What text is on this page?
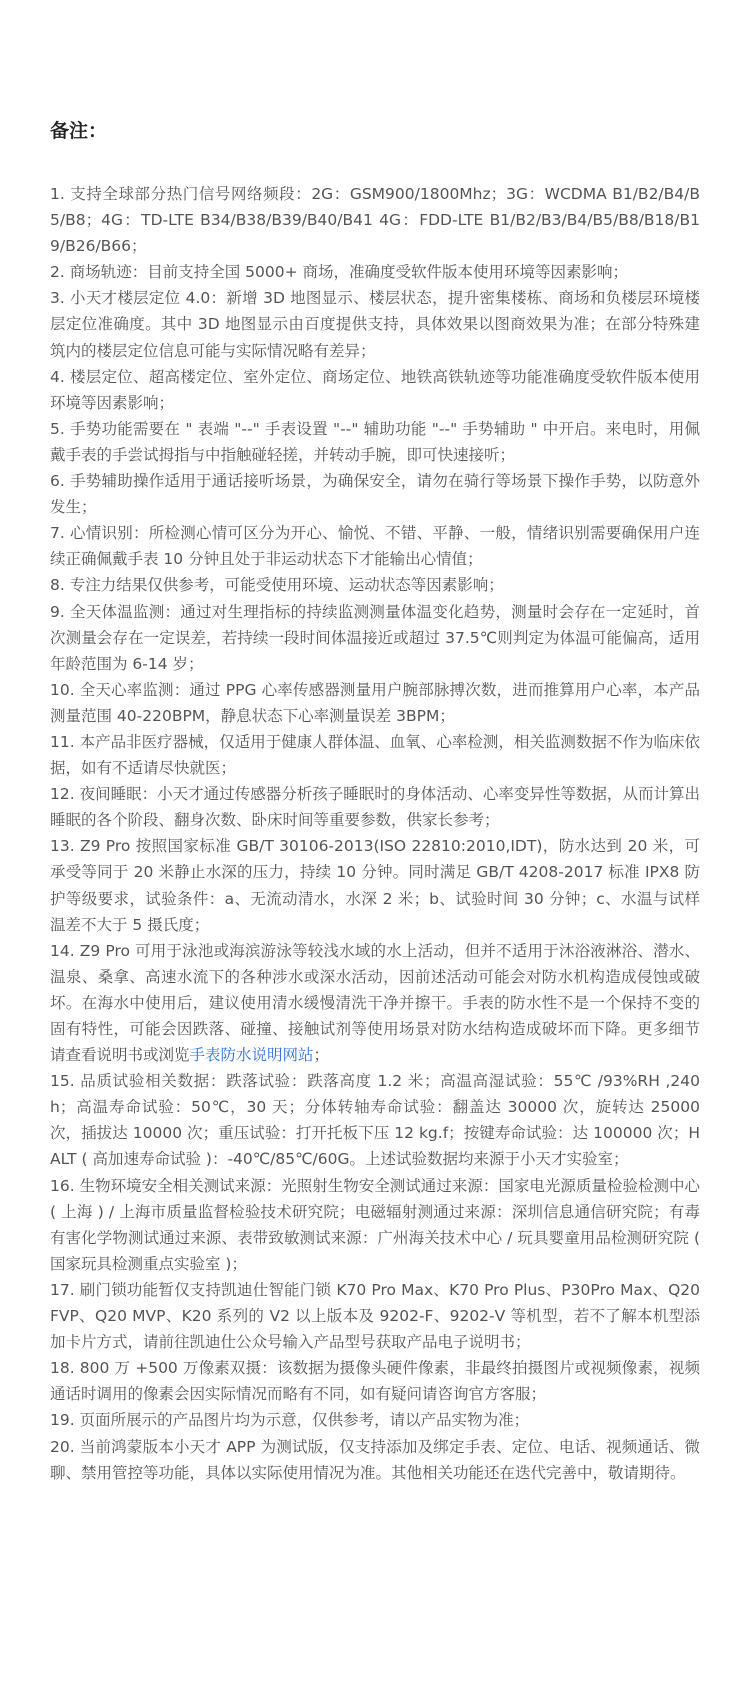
备注：
1. 支持全球部分热门信号网络频段：2G：GSM900/1800Mhz；3G：WCDMA B1/B2/B4/B5/B8；4G：TD-LTE B34/B38/B39/B40/B41 4G：FDD-LTE B1/B2/B3/B4/B5/B8/B18/B19/B26/B66；
2. 商场轨迹：目前支持全国 5000+ 商场，准确度受软件版本使用环境等因素影响；
3. 小天才楼层定位 4.0：新增 3D 地图显示、楼层状态，提升密集楼栋、商场和负楼层环境楼层定位准确度。其中 3D 地图显示由百度提供支持，具体效果以图商效果为准；在部分特殊建筑内的楼层定位信息可能与实际情况略有差异；
4. 楼层定位、超高楼定位、室外定位、商场定位、地铁高铁轨迹等功能准确度受软件版本使用环境等因素影响；
5. 手势功能需要在 " 表端 "--" 手表设置 "--" 辅助功能 "--" 手势辅助 " 中开启。来电时，用佩戴手表的手尝试拇指与中指触碰轻搓，并转动手腕，即可快速接听；
6. 手势辅助操作适用于通话接听场景，为确保安全，请勿在骑行等场景下操作手势，以防意外发生；
7. 心情识别：所检测心情可区分为开心、愉悦、不错、平静、一般，情绪识别需要确保用户连续正确佩戴手表 10 分钟且处于非运动状态下才能输出心情值；
8. 专注力结果仅供参考，可能受使用环境、运动状态等因素影响；
9. 全天体温监测：通过对生理指标的持续监测测量体温变化趋势，测量时会存在一定延时，首次测量会存在一定误差，若持续一段时间体温接近或超过 37.5℃则判定为体温可能偏高，适用年龄范围为 6-14 岁；
10. 全天心率监测：通过 PPG 心率传感器测量用户腕部脉搏次数，进而推算用户心率，本产品测量范围 40-220BPM，静息状态下心率测量误差 3BPM；
11. 本产品非医疗器械，仅适用于健康人群体温、血氧、心率检测，相关监测数据不作为临床依据，如有不适请尽快就医；
12. 夜间睡眠：小天才通过传感器分析孩子睡眠时的身体活动、心率变异性等数据，从而计算出睡眠的各个阶段、翻身次数、卧床时间等重要参数，供家长参考；
13. Z9 Pro 按照国家标准 GB/T 30106-2013(ISO 22810:2010,IDT)，防水达到 20 米，可承受等同于 20 米静止水深的压力，持续 10 分钟。同时满足 GB/T 4208-2017 标准 IPX8 防护等级要求，试验条件：a、无流动清水，水深 2 米；b、试验时间 30 分钟；c、水温与试样温差不大于 5 摄氏度；
14. Z9 Pro 可用于泳池或海滨游泳等较浅水域的水上活动，但并不适用于沐浴液淋浴、潜水、温泉、桑拿、高速水流下的各种涉水或深水活动，因前述活动可能会对防水机构造成侵蚀或破坏。在海水中使用后，建议使用清水缓慢清洗干净并擦干。手表的防水性不是一个保持不变的固有特性，可能会因跌落、碰撞、接触试剂等使用场景对防水结构造成破坏而下降。更多细节请查看说明书或浏览手表防水说明网站；
15. 品质试验相关数据：跌落试验：跌落高度 1.2 米；高温高湿试验：55℃ /93%RH ,240h；高温寿命试验：50℃，30 天；分体转轴寿命试验：翻盖达 30000 次，旋转达 25000 次，插拔达 10000 次；重压试验：打开托板下压 12 kg.f；按键寿命试验：达 100000 次；HALT ( 高加速寿命试验 )：-40℃/85℃/60G。上述试验数据均来源于小天才实验室；
16. 生物环境安全相关测试来源：光照射生物安全测试通过来源：国家电光源质量检验检测中心 ( 上海 ) / 上海市质量监督检验技术研究院；电磁辐射测通过来源：深圳信息通信研究院；有毒有害化学物测试通过来源、表带致敏测试来源：广州海关技术中心 / 玩具婴童用品检测研究院 ( 国家玩具检测重点实验室 )；
17. 刷门锁功能暂仅支持凯迪仕智能门锁 K70 Pro Max、K70 Pro Plus、P30Pro Max、Q20FVP、Q20 MVP、K20 系列的 V2 以上版本及 9202-F、9202-V 等机型，若不了解本机型添加卡片方式，请前往凯迪仕公众号输入产品型号获取产品电子说明书；
18. 800 万 +500 万像素双摄：该数据为摄像头硬件像素，非最终拍摄图片或视频像素，视频通话时调用的像素会因实际情况而略有不同，如有疑问请咨询官方客服；
19. 页面所展示的产品图片均为示意，仅供参考，请以产品实物为准；
20. 当前鸿蒙版本小天才 APP 为测试版，仅支持添加及绑定手表、定位、电话、视频通话、微聊、禁用管控等功能，具体以实际使用情况为准。其他相关功能还在迭代完善中，敬请期待。
